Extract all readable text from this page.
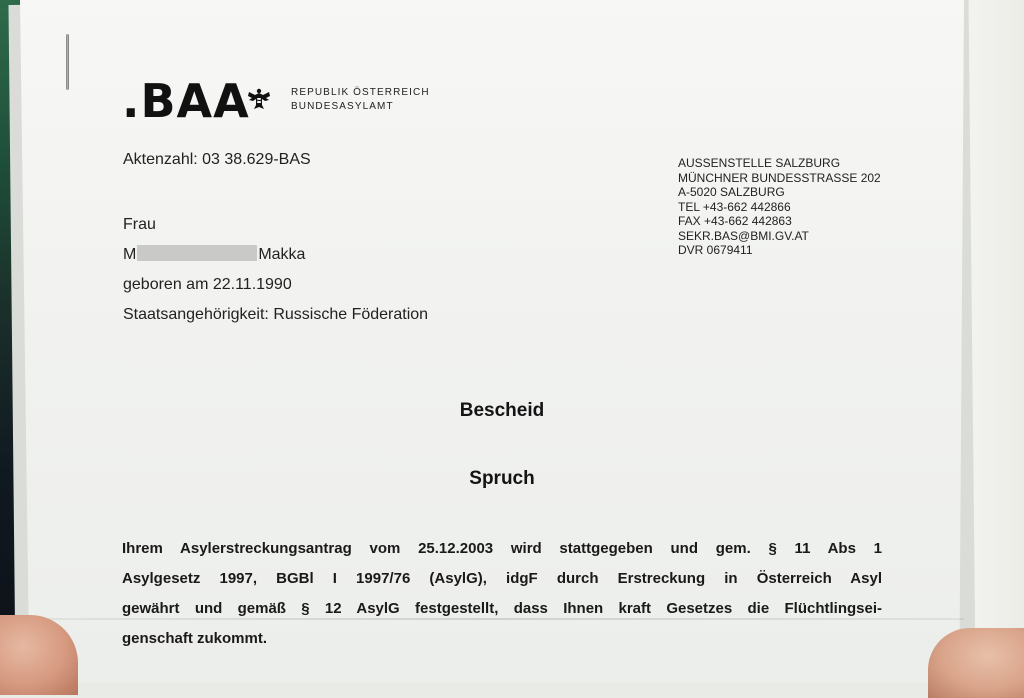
.BAA	REPUBLIK ÖSTERREICH
BUNDESASYLAMT
Aktenzahl: 03 38.629-BAS	AUSSENSTELLE SALZBURG
MÜNCHNER BUNDESSTRASSE 202
A-5020 SALZBURG
TEL +43-662 442866
FAX +43-662 442863
SEKR.BAS@BMI.GV.AT
DVR 0679411
Frau
M	Makka
geboren am 22.11.1990
Staatsangehörigkeit: Russische Föderation
Bescheid
Spruch
Ihrem Asylerstreckungsantrag vom 25.12.2003 wird stattgegeben und gem. § 11 Abs 1
Asylgesetz 1997, BGBl I 1997/76 (AsylG), idgF durch Erstreckung in Österreich Asyl
gewährt und gemäß § 12 AsylG festgestellt, dass Ihnen kraft Gesetzes die Flüchtlingsei-
genschaft zukommt.
